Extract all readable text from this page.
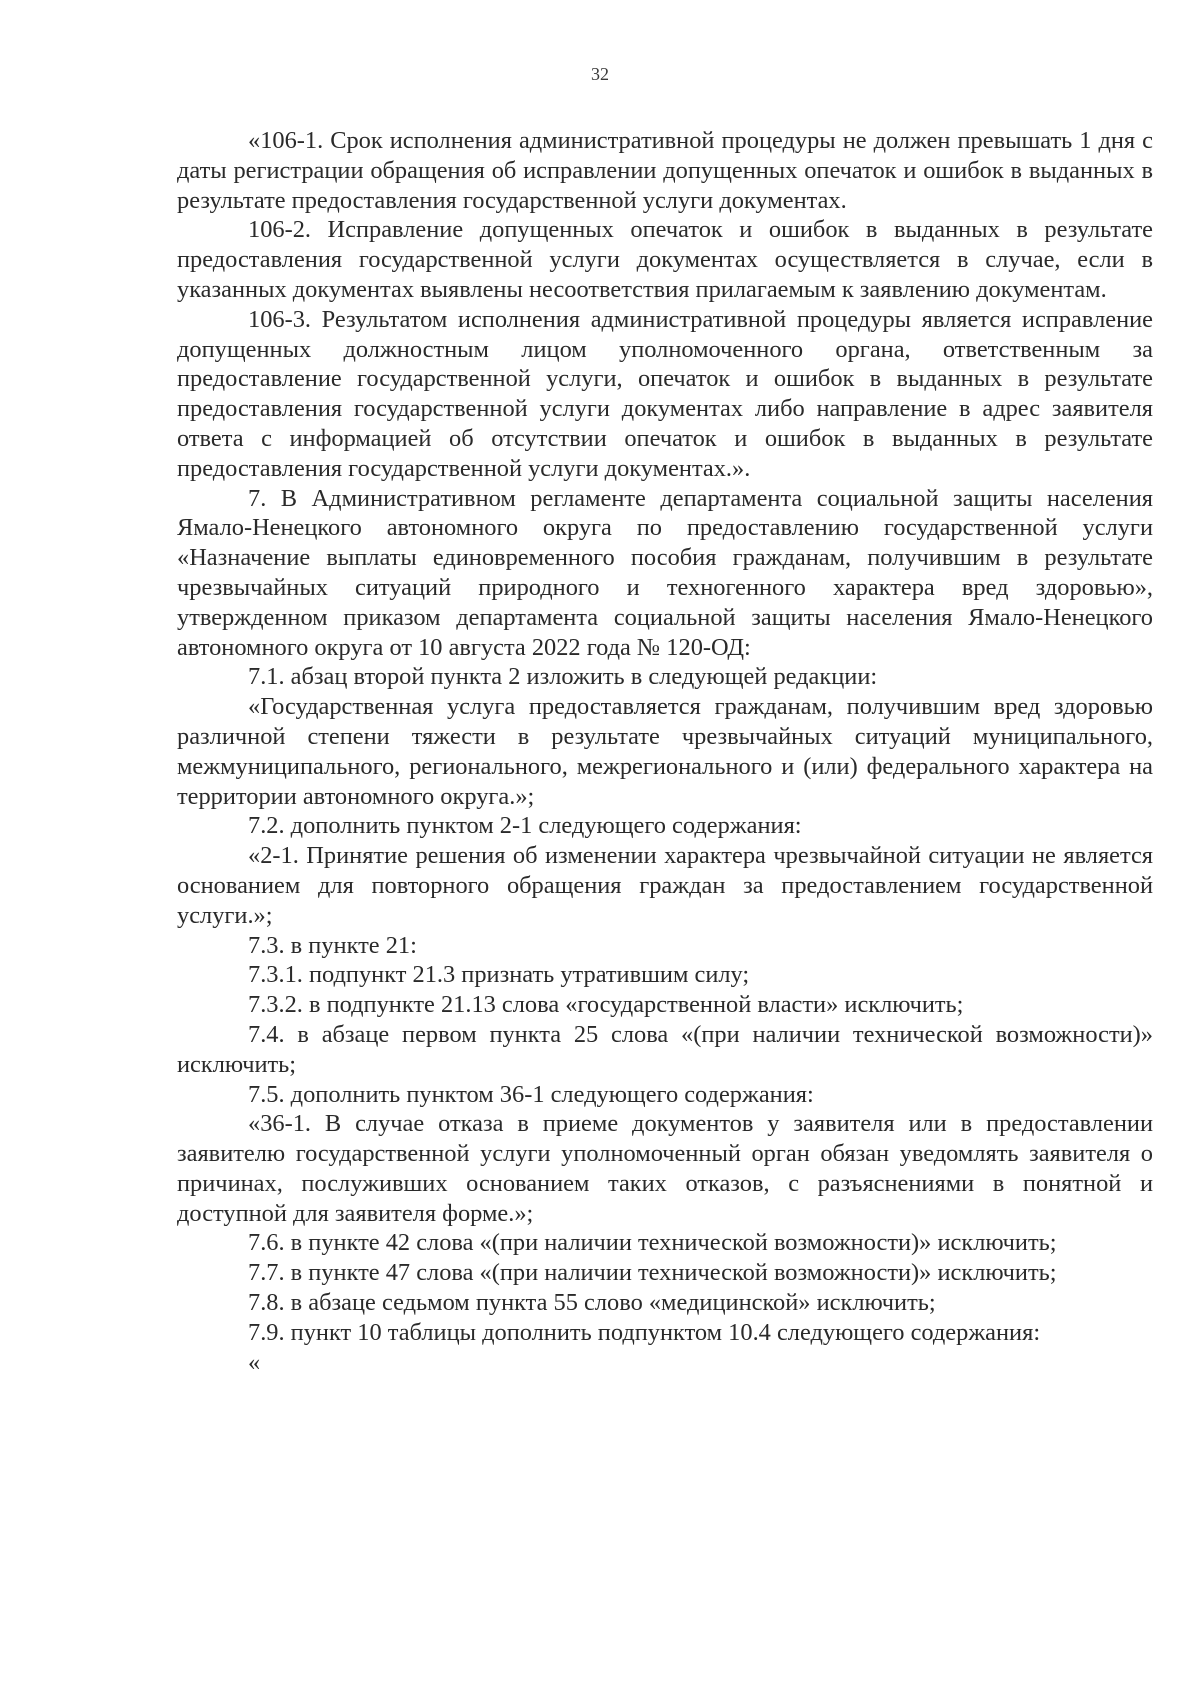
32

«106-1. Срок исполнения административной процедуры не должен превышать 1 дня с даты регистрации обращения об исправлении допущенных опечаток и ошибок в выданных в результате предоставления государственной услуги документах.

106-2. Исправление допущенных опечаток и ошибок в выданных в результате предоставления государственной услуги документах осуществляется в случае, если в указанных документах выявлены несоответствия прилагаемым к заявлению документам.

106-3. Результатом исполнения административной процедуры является исправление допущенных должностным лицом уполномоченного органа, ответственным за предоставление государственной услуги, опечаток и ошибок в выданных в результате предоставления государственной услуги документах либо направление в адрес заявителя ответа с информацией об отсутствии опечаток и ошибок в выданных в результате предоставления государственной услуги документах.».

7. В Административном регламенте департамента социальной защиты населения Ямало-Ненецкого автономного округа по предоставлению государственной услуги «Назначение выплаты единовременного пособия гражданам, получившим в результате чрезвычайных ситуаций природного и техногенного характера вред здоровью», утвержденном приказом департамента социальной защиты населения Ямало-Ненецкого автономного округа от 10 августа 2022 года № 120-ОД:

7.1. абзац второй пункта 2 изложить в следующей редакции:

«Государственная услуга предоставляется гражданам, получившим вред здоровью различной степени тяжести в результате чрезвычайных ситуаций муниципального, межмуниципального, регионального, межрегионального и (или) федерального характера на территории автономного округа.»;

7.2. дополнить пунктом 2-1 следующего содержания:

«2-1. Принятие решения об изменении характера чрезвычайной ситуации не является основанием для повторного обращения граждан за предоставлением государственной услуги.»;

7.3. в пункте 21:

7.3.1. подпункт 21.3 признать утратившим силу;

7.3.2. в подпункте 21.13 слова «государственной власти» исключить;

7.4. в абзаце первом пункта 25 слова «(при наличии технической возможности)» исключить;

7.5. дополнить пунктом 36-1 следующего содержания:

«36-1. В случае отказа в приеме документов у заявителя или в предоставлении заявителю государственной услуги уполномоченный орган обязан уведомлять заявителя о причинах, послуживших основанием таких отказов, с разъяснениями в понятной и доступной для заявителя форме.»;

7.6. в пункте 42 слова «(при наличии технической возможности)» исключить;

7.7. в пункте 47 слова «(при наличии технической возможности)» исключить;

7.8. в абзаце седьмом пункта 55 слово «медицинской» исключить;

7.9. пункт 10 таблицы дополнить подпунктом 10.4 следующего содержания:

«
